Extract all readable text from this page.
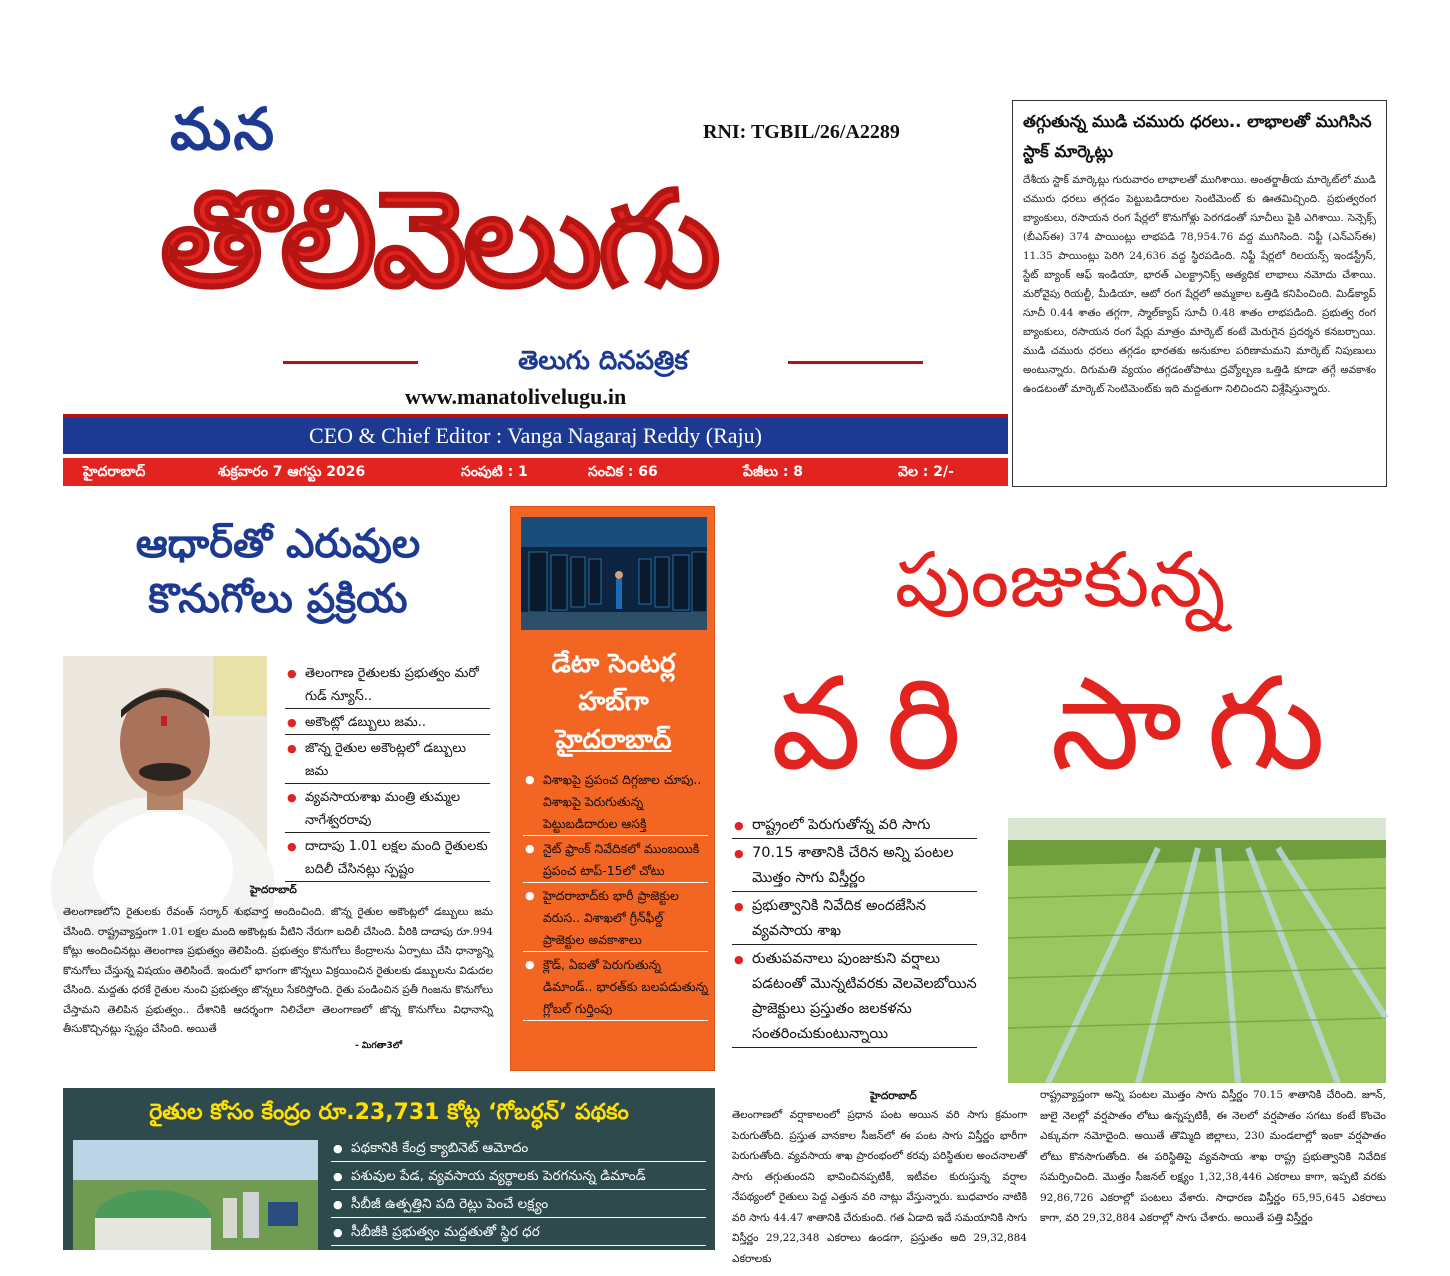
మన	RNI: TGBIL/26/A2289
తొలివెలుగు
తెలుగు దినపత్రిక
www.manatolivelugu.in
CEO & Chief Editor : Vanga Nagaraj Reddy (Raju)
హైదరాబాద్	శుక్రవారం 7 ఆగస్టు 2026	సంపుటి : 1	సంచిక : 66	పేజీలు : 8	వెల : 2/-
తగ్గుతున్న ముడి చమురు ధరలు.. లాభాలతో ముగిసిన స్టాక్ మార్కెట్లు

దేశీయ స్టాక్ మార్కెట్లు గురువారం లాభాలతో ముగిశాయి. అంతర్జాతీయ మార్కెట్‌లో ముడి చమురు ధరలు తగ్గడం పెట్టుబడిదారుల సెంటిమెంట్‌ కు ఊతమిచ్చింది. ప్రభుత్వరంగ బ్యాంకులు, రసాయన రంగ షేర్లలో కొనుగోళ్లు పెరగడంతో సూచీలు పైకి ఎగిశాయి. సెన్సెక్స్ (బీఎస్ఈ) 374 పాయింట్లు లాభపడి 78,954.76 వద్ద ముగిసింది. నిఫ్టీ (ఎన్ఎస్ఈ) 11.35 పాయింట్లు పెరిగి 24,636 వద్ద స్థిరపడింది. నిఫ్టీ షేర్లలో రిలయన్స్ ఇండస్ట్రీస్, స్టేట్ బ్యాంక్ ఆఫ్ ఇండియా, భారత్ ఎలక్ట్రానిక్స్ అత్యధిక లాభాలు నమోదు చేశాయి. మరోవైపు రియల్టీ, మీడియా, ఆటో రంగ షేర్లలో అమ్మకాల ఒత్తిడి కనిపించింది. మిడ్‌క్యాప్ సూచీ 0.44 శాతం తగ్గగా, స్మాల్‌క్యాప్ సూచీ 0.48 శాతం లాభపడింది. ప్రభుత్వ రంగ బ్యాంకులు, రసాయన రంగ షేర్లు మాత్రం మార్కెట్ కంటే మెరుగైన ప్రదర్శన కనబర్చాయి. ముడి చమురు ధరలు తగ్గడం భారతకు అనుకూల పరిణామమని మార్కెట్ నిపుణులు అంటున్నారు. దిగుమతి వ్యయం తగ్గడంతోపాటు ద్రవ్యోల్బణ ఒత్తిడి కూడా తగ్గే అవకాశం ఉండటంతో మార్కెట్ సెంటిమెంట్‌కు ఇది మద్దతుగా నిలిచిందని విశ్లేషిస్తున్నారు.

ఆధార్‌తో ఎరువుల కొనుగోలు ప్రక్రియ
● తెలంగాణ రైతులకు ప్రభుత్వం మరో గుడ్ న్యూస్..
● అకౌంట్లో డబ్బులు జమ..
● జొన్న రైతుల అకౌంట్లలో డబ్బులు జమ
● వ్యవసాయశాఖ మంత్రి తుమ్మల నాగేశ్వరరావు
● దాదాపు 1.01 లక్షల మంది రైతులకు బదిలీ చేసినట్లు స్పష్టం
హైదరాబాద్
తెలంగాణలోని రైతులకు రేవంత్ సర్కార్ శుభవార్త అందించింది. జొన్న రైతుల అకౌంట్లలో డబ్బులు జమ చేసింది. రాష్ట్రవ్యాప్తంగా 1.01 లక్షల మంది అకౌంట్లకు వీటిని నేరుగా బదిలీ చేసింది. వీరికి దాదాపు రూ.994 కోట్లు అందించినట్లు తెలంగాణ ప్రభుత్వం తెలిపింది. ప్రభుత్వం కొనుగోలు కేంద్రాలను ఏర్పాటు చేసి ధాన్యాన్ని కొనుగోలు చేస్తున్న విషయం తెలిసిందే. ఇందులో భాగంగా జొన్నలు విక్రయించిన రైతులకు డబ్బులను విడుదల చేసింది. మద్దతు ధరకే రైతుల నుంచి ప్రభుత్వం జొన్నలు సేకరిస్తోంది. రైతు పండించిన ప్రతీ గింజను కొనుగోలు చేస్తామని తెలిపిన ప్రభుత్వం.. దేశానికి ఆదర్శంగా నిలిచేలా తెలంగాణలో జొన్న కొనుగోలు విధానాన్ని తీసుకొచ్చినట్లు స్పష్టం చేసింది. అయితే
- మిగతా3లో
డేటా సెంటర్ల
హబ్‌గా
హైదరాబాద్
● విశాఖపై ప్రపంచ దిగ్గజాల చూపు.. విశాఖపై పెరుగుతున్న పెట్టుబడిదారుల ఆసక్తి
● నైట్ ఫ్రాంక్ నివేదికలో ముంబయికి ప్రపంచ టాప్-15లో చోటు
● హైదరాబాద్‌కు భారీ ప్రాజెక్టుల వరుస.. విశాఖలో గ్రీన్‌ఫీల్డ్ ప్రాజెక్టుల అవకాశాలు
● క్లౌడ్, ఏఐతో పెరుగుతున్న డిమాండ్.. భారత్‌కు బలపడుతున్న గ్లోబల్ గుర్తింపు
పుంజుకున్న
వరి సాగు
● రాష్ట్రంలో పెరుగుతోన్న వరి సాగు
● 70.15 శాతానికి చేరిన అన్ని పంటల మొత్తం సాగు విస్తీర్ణం
● ప్రభుత్వానికి నివేదిక అందజేసిన వ్యవసాయ శాఖ
● రుతుపవనాలు పుంజుకుని వర్షాలు పడటంతో మొన్నటివరకు వెలవెలబోయిన ప్రాజెక్టులు ప్రస్తుతం జలకళను సంతరించుకుంటున్నాయి
హైదరాబాద్
తెలంగాణలో వర్షాకాలంలో ప్రధాన పంట అయిన వరి సాగు క్రమంగా పెరుగుతోంది. ప్రస్తుత వానకాల సీజన్‌లో ఈ పంట సాగు విస్తీర్ణం భారీగా పెరుగుతోంది. వ్యవసాయ శాఖ ప్రారంభంలో కరవు పరిస్థితుల అంచనాలతో సాగు తగ్గుతుందని భావించినప్పటికీ, ఇటీవల కురుస్తున్న వర్షాల నేపథ్యంలో రైతులు పెద్ద ఎత్తున వరి నాట్లు వేస్తున్నారు. బుధవారం నాటికి వరి సాగు 44.47 శాతానికి చేరుకుంది. గత ఏడాది ఇదే సమయానికి సాగు విస్తీర్ణం 29,22,348 ఎకరాలు ఉండగా, ప్రస్తుతం అది 29,32,884 ఎకరాలకు
రాష్ట్రవ్యాప్తంగా అన్ని పంటల మొత్తం సాగు విస్తీర్ణం 70.15 శాతానికి చేరింది. జూన్, జులై నెలల్లో వర్షపాతం లోటు ఉన్నప్పటికీ, ఈ నెలలో వర్షపాతం సగటు కంటే కొంచెం ఎక్కువగా నమోదైంది. అయితే తొమ్మిది జిల్లాలు, 230 మండలాల్లో ఇంకా వర్షపాతం లోటు కొనసాగుతోంది. ఈ పరిస్థితిపై వ్యవసాయ శాఖ రాష్ట్ర ప్రభుత్వానికి నివేదిక సమర్పించింది. మొత్తం సీజనల్ లక్ష్యం 1,32,38,446 ఎకరాలు కాగా, ఇప్పటి వరకు 92,86,726 ఎకరాల్లో పంటలు వేశారు. సాధారణ విస్తీర్ణం 65,95,645 ఎకరాలు కాగా, వరి 29,32,884 ఎకరాల్లో సాగు చేశారు. అయితే పత్తి విస్తీర్ణం
రైతుల కోసం కేంద్రం రూ.23,731 కోట్ల ‘గోబర్ధన్’ పథకం
● పథకానికి కేంద్ర క్యాబినెట్ ఆమోదం
● పశువుల పేడ, వ్యవసాయ వ్యర్థాలకు పెరగనున్న డిమాండ్
● సీబీజీ ఉత్పత్తిని పది రెట్లు పెంచే లక్ష్యం
● సీబీజీకి ప్రభుత్వం మద్దతుతో స్థిర ధర
● కొత్త ప్లాంట్లకు మూలధన సాయం
